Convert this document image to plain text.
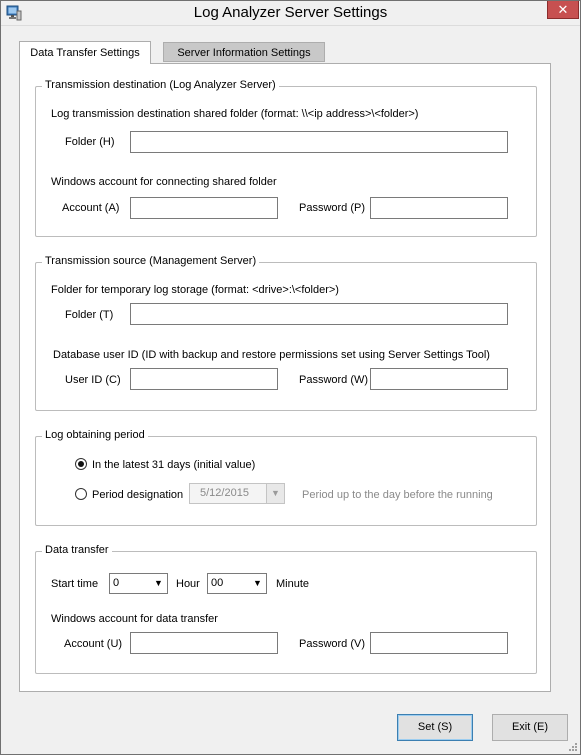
Log Analyzer Server Settings	✕
Data Transfer Settings	Server Information Settings
Transmission destination (Log Analyzer Server)
Log transmission destination shared folder (format: \\<ip address>\<folder>)
Folder (H)
Windows account for connecting shared folder
Account (A)	Password (P)
Transmission source (Management Server)
Folder for temporary log storage (format: <drive>:\<folder>)
Folder (T)
Database user ID (ID with backup and restore permissions set using Server Settings Tool)
User ID (C)	Password (W)
Log obtaining period
In the latest 31 days (initial value)
Period designation 5/12/2015	▼	Period up to the day before the running
Data transfer
Start time 0	▼	Hour 00	▼	Minute
Windows account for data transfer
Account (U)	Password (V)
Set (S)	Exit (E)
